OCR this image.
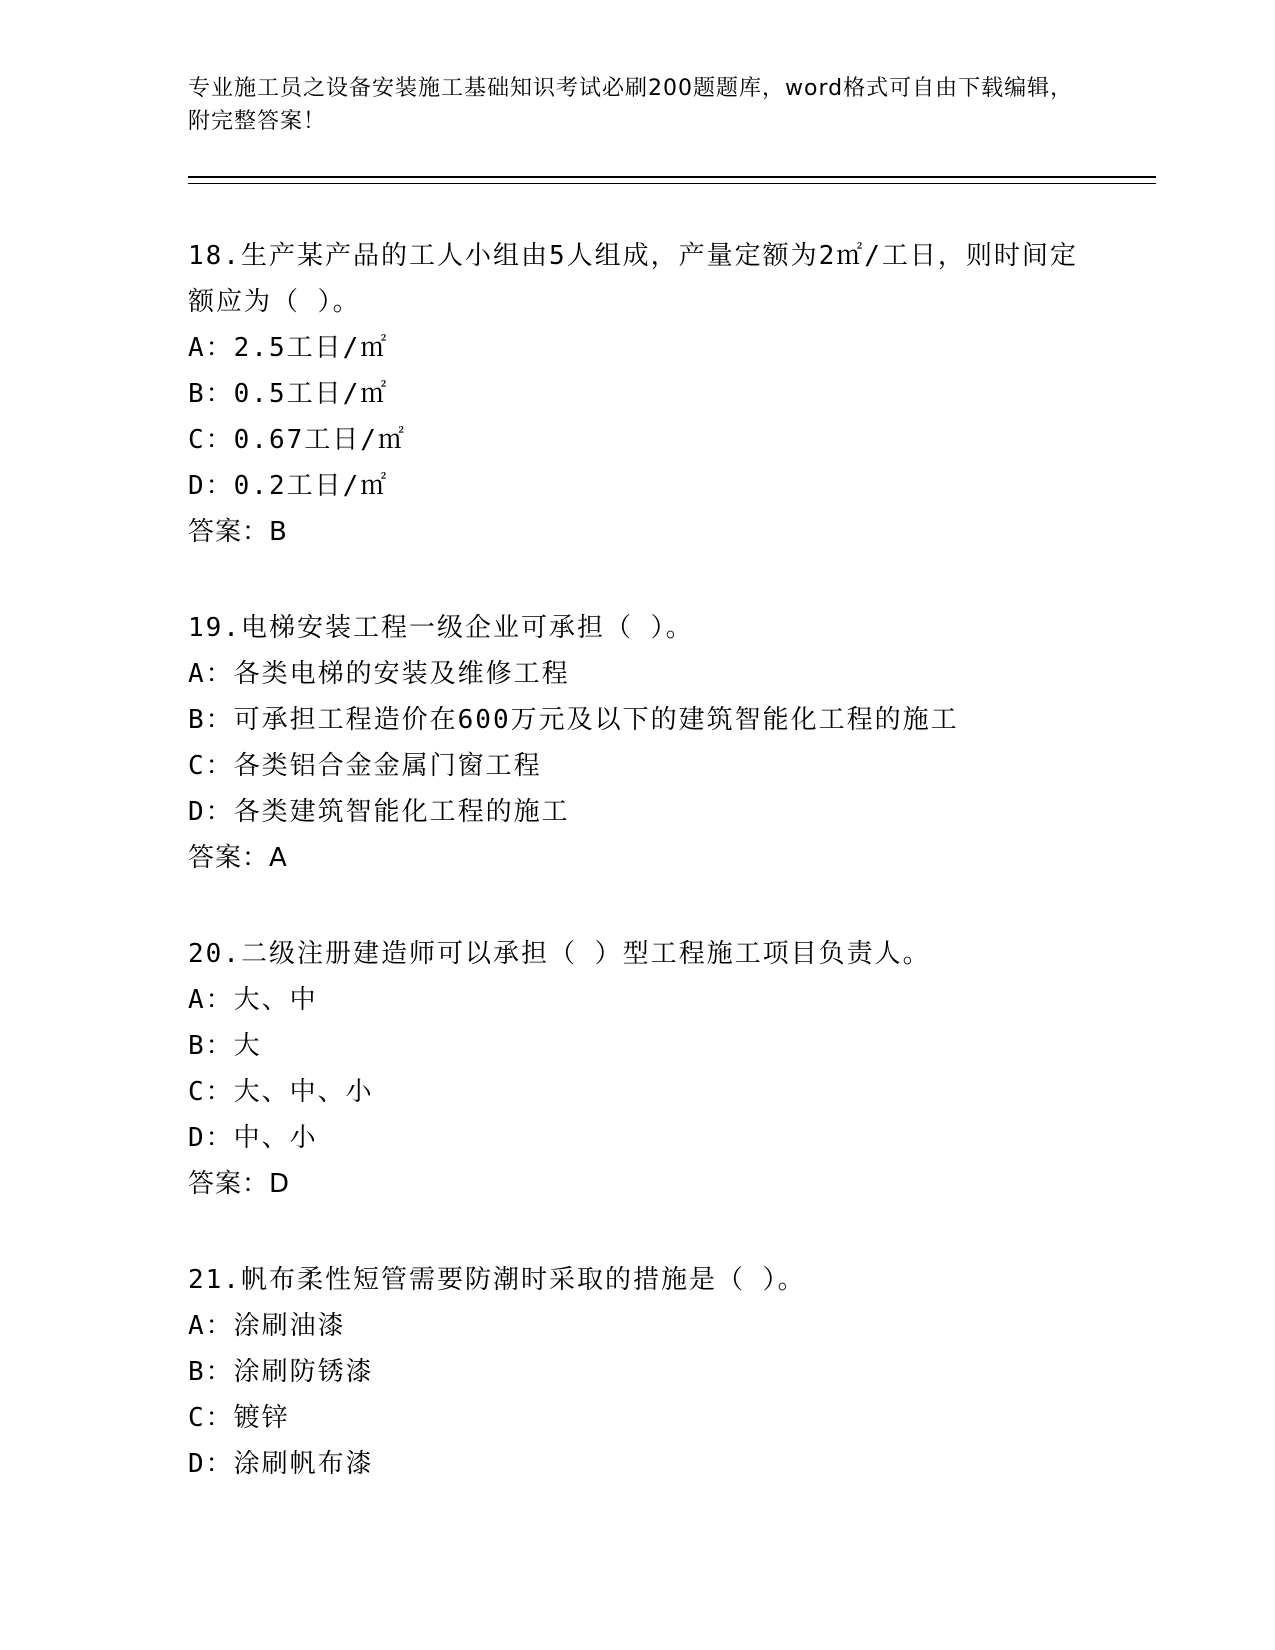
专业施工员之设备安装施工基础知识考试必刷200题题库，word格式可自由下载编辑，附完整答案！
18.生产某产品的工人小组由5人组成，产量定额为2㎡/工日，则时间定额应为（ ）。
A：2.5工日/㎡
B：0.5工日/㎡
C：0.67工日/㎡
D：0.2工日/㎡
答案：B
19.电梯安装工程一级企业可承担（ ）。
A：各类电梯的安装及维修工程
B：可承担工程造价在600万元及以下的建筑智能化工程的施工
C：各类铝合金金属门窗工程
D：各类建筑智能化工程的施工
答案：A
20.二级注册建造师可以承担（ ）型工程施工项目负责人。
A：大、中
B：大
C：大、中、小
D：中、小
答案：D
21.帆布柔性短管需要防潮时采取的措施是（ ）。
A：涂刷油漆
B：涂刷防锈漆
C：镀锌
D：涂刷帆布漆
